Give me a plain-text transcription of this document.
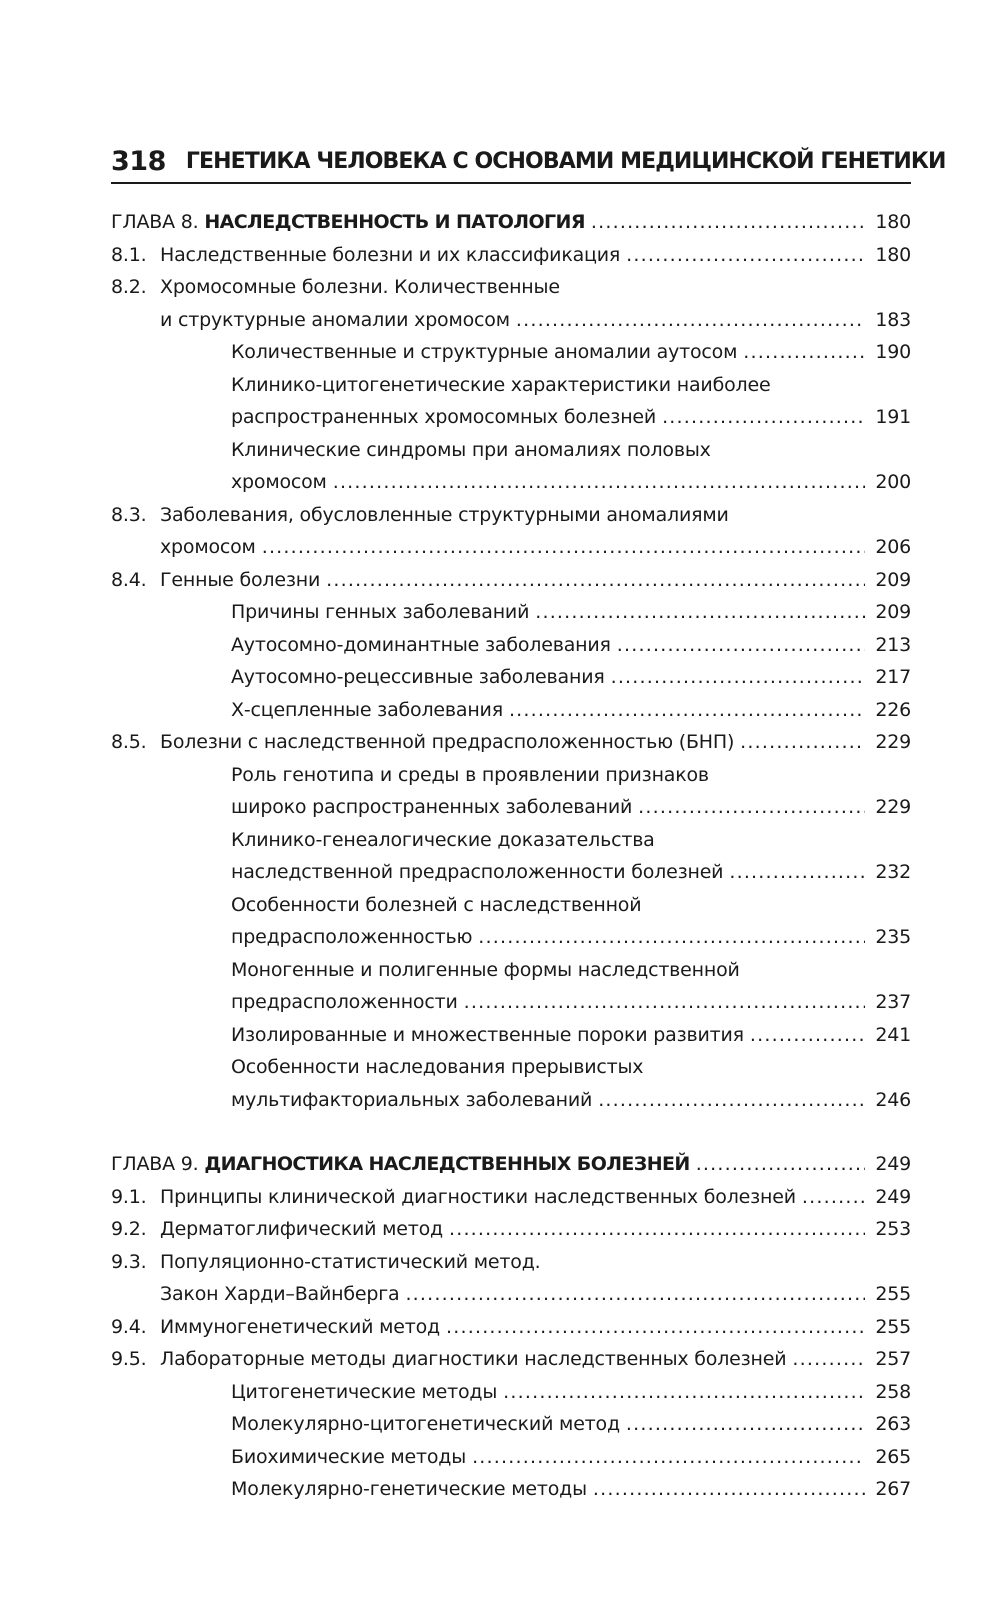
318 ГЕНЕТИКА ЧЕЛОВЕКА С ОСНОВАМИ МЕДИЦИНСКОЙ ГЕНЕТИКИ
ГЛАВА 8. НАСЛЕДСТВЕННОСТЬ И ПАТОЛОГИЯ .....	180
8.1. Наследственные болезни и их классификация .....	180
8.2. Хромосомные болезни. Количественные
и структурные аномалии хромосом .....	183
Количественные и структурные аномалии аутосом .....	190
Клинико-цитогенетические характеристики наиболее
распространенных хромосомных болезней .....	191
Клинические синдромы при аномалиях половых
хромосом .....	200
8.3. Заболевания, обусловленные структурными аномалиями
хромосом .....	206
8.4. Генные болезни .....	209
Причины генных заболеваний .....	209
Аутосомно-доминантные заболевания .....	213
Аутосомно-рецессивные заболевания .....	217
Х-сцепленные заболевания .....	226
8.5. Болезни с наследственной предрасположенностью (БНП) .....	229
Роль генотипа и среды в проявлении признаков
широко распространенных заболеваний .....	229
Клинико-генеалогические доказательства
наследственной предрасположенности болезней .....	232
Особенности болезней с наследственной
предрасположенностью .....	235
Моногенные и полигенные формы наследственной
предрасположенности .....	237
Изолированные и множественные пороки развития .....	241
Особенности наследования прерывистых
мультифакториальных заболеваний .....	246
ГЛАВА 9. ДИАГНОСТИКА НАСЛЕДСТВЕННЫХ БОЛЕЗНЕЙ .....	249
9.1. Принципы клинической диагностики наследственных болезней .....	249
9.2. Дерматоглифический метод .....	253
9.3. Популяционно-статистический метод.
Закон Харди–Вайнберга .....	255
9.4. Иммуногенетический метод .....	255
9.5. Лабораторные методы диагностики наследственных болезней .....	257
Цитогенетические методы .....	258
Молекулярно-цитогенетический метод .....	263
Биохимические методы .....	265
Молекулярно-генетические методы .....	267
